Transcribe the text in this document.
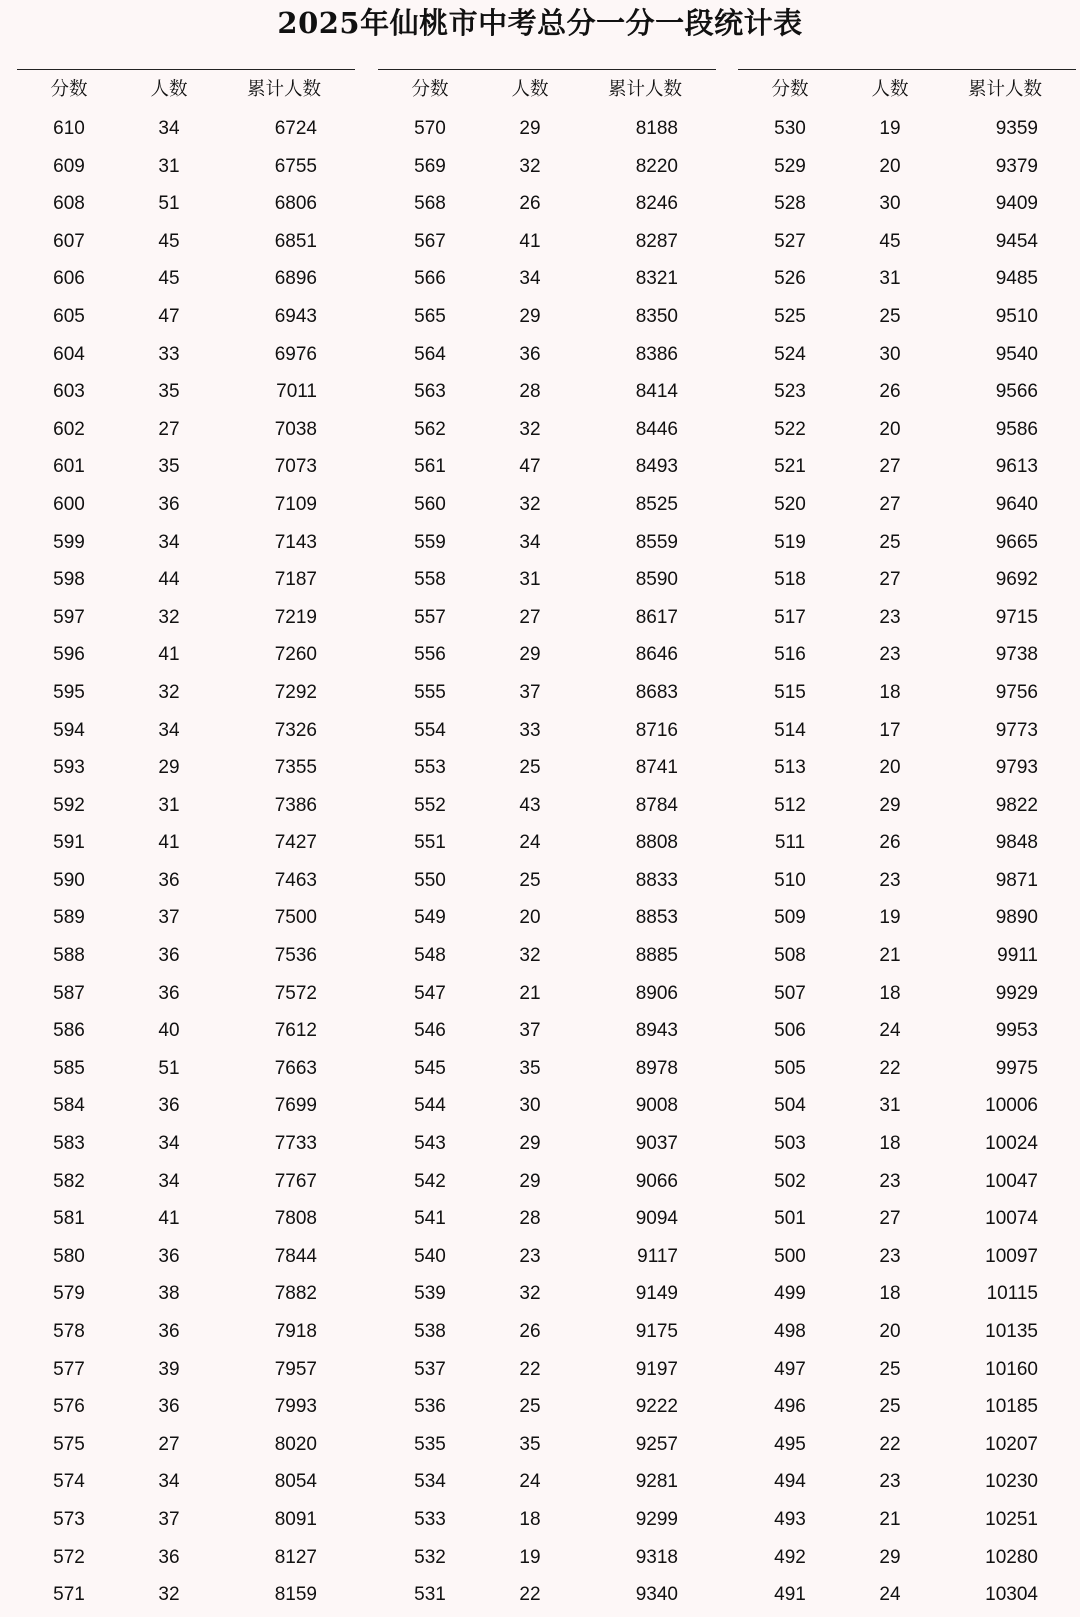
2025年仙桃市中考总分一分一段统计表
分数	人数	累计人数
610	34	6724
609	31	6755
608	51	6806
607	45	6851
606	45	6896
605	47	6943
604	33	6976
603	35	7011
602	27	7038
601	35	7073
600	36	7109
599	34	7143
598	44	7187
597	32	7219
596	41	7260
595	32	7292
594	34	7326
593	29	7355
592	31	7386
591	41	7427
590	36	7463
589	37	7500
588	36	7536
587	36	7572
586	40	7612
585	51	7663
584	36	7699
583	34	7733
582	34	7767
581	41	7808
580	36	7844
579	38	7882
578	36	7918
577	39	7957
576	36	7993
575	27	8020
574	34	8054
573	37	8091
572	36	8127
571	32	8159
分数	人数	累计人数
570	29	8188
569	32	8220
568	26	8246
567	41	8287
566	34	8321
565	29	8350
564	36	8386
563	28	8414
562	32	8446
561	47	8493
560	32	8525
559	34	8559
558	31	8590
557	27	8617
556	29	8646
555	37	8683
554	33	8716
553	25	8741
552	43	8784
551	24	8808
550	25	8833
549	20	8853
548	32	8885
547	21	8906
546	37	8943
545	35	8978
544	30	9008
543	29	9037
542	29	9066
541	28	9094
540	23	9117
539	32	9149
538	26	9175
537	22	9197
536	25	9222
535	35	9257
534	24	9281
533	18	9299
532	19	9318
531	22	9340
分数	人数	累计人数
530	19	9359
529	20	9379
528	30	9409
527	45	9454
526	31	9485
525	25	9510
524	30	9540
523	26	9566
522	20	9586
521	27	9613
520	27	9640
519	25	9665
518	27	9692
517	23	9715
516	23	9738
515	18	9756
514	17	9773
513	20	9793
512	29	9822
511	26	9848
510	23	9871
509	19	9890
508	21	9911
507	18	9929
506	24	9953
505	22	9975
504	31	10006
503	18	10024
502	23	10047
501	27	10074
500	23	10097
499	18	10115
498	20	10135
497	25	10160
496	25	10185
495	22	10207
494	23	10230
493	21	10251
492	29	10280
491	24	10304
